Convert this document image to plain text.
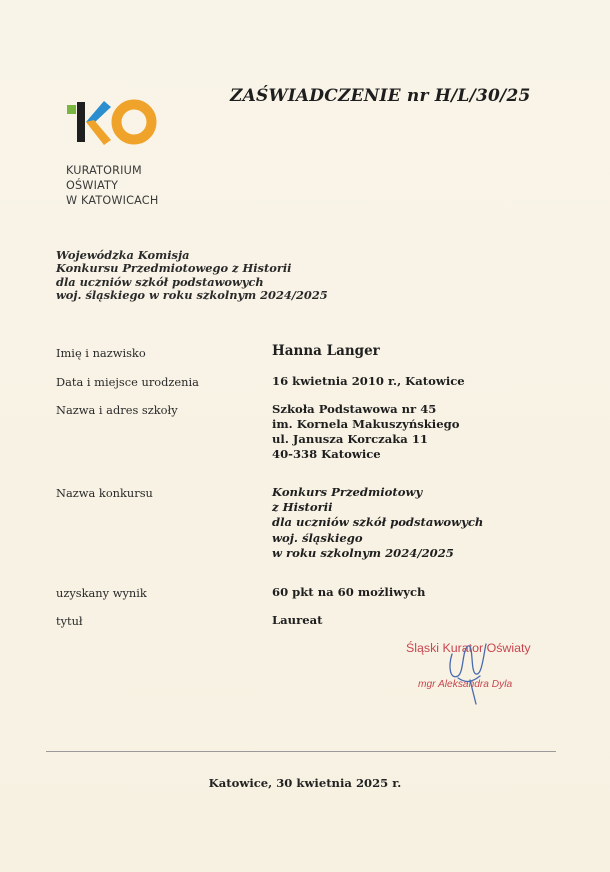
ZAŚWIADCZENIE nr H/L/30/25
KURATORIUM
OŚWIATY
W KATOWICACH
Wojewódzka Komisja
Konkursu Przedmiotowego z Historii
dla uczniów szkół podstawowych
woj. śląskiego w roku szkolnym 2024/2025
Imię i nazwisko	Hanna Langer
Data i miejsce urodzenia	16 kwietnia 2010 r., Katowice
Nazwa i adres szkoły	Szkoła Podstawowa nr 45
im. Kornela Makuszyńskiego
ul. Janusza Korczaka 11
40-338 Katowice
Nazwa konkursu	Konkurs Przedmiotowy
z Historii
dla uczniów szkół podstawowych
woj. śląskiego
w roku szkolnym 2024/2025
uzyskany wynik	60 pkt na 60 możliwych
tytuł	Laureat
Śląski Kurator Oświaty
mgr Aleksandra Dyla
Katowice, 30 kwietnia 2025 r.
